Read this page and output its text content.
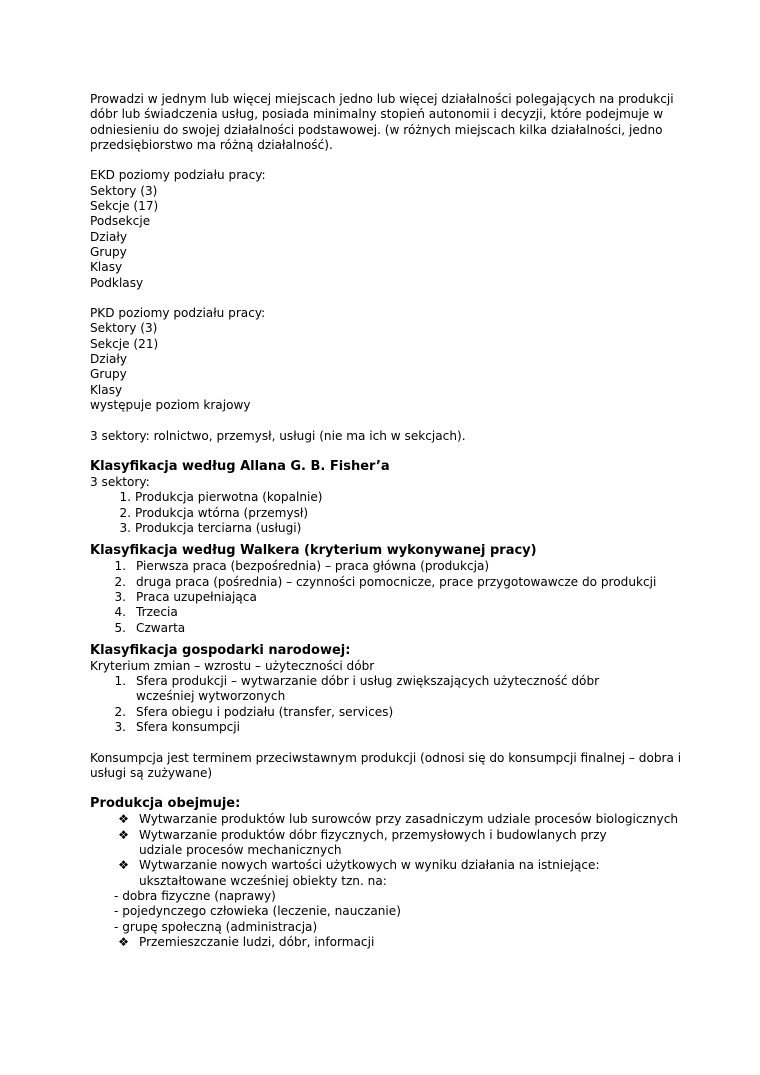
Prowadzi w jednym lub więcej miejscach jedno lub więcej działalności polegających na produkcji dóbr lub świadczenia usług, posiada minimalny stopień autonomii i decyzji, które podejmuje w odniesieniu do swojej działalności podstawowej. (w różnych miejscach kilka działalności, jedno przedsiębiorstwo ma różną działalność).

EKD poziomy podziału pracy:

Sektory (3)

Sekcje (17)

Podsekcje

Działy

Grupy

Klasy

Podklasy

PKD poziomy podziału pracy:

Sektory (3)

Sekcje (21)

Działy

Grupy

Klasy

występuje poziom krajowy

3 sektory: rolnictwo, przemysł, usługi (nie ma ich w sekcjach).

Klasyfikacja według Allana G. B. Fisher’a

3 sektory:

1. Produkcja pierwotna (kopalnie)
2. Produkcja wtórna (przemysł)
3. Produkcja terciarna (usługi)

Klasyfikacja według Walkera (kryterium wykonywanej pracy)

1. Pierwsza praca (bezpośrednia) – praca główna (produkcja)
2. druga praca (pośrednia) – czynności pomocnicze, prace przygotowawcze do produkcji
3. Praca uzupełniająca
4. Trzecia
5. Czwarta

Klasyfikacja gospodarki narodowej:

Kryterium zmian – wzrostu – użyteczności dóbr

1. Sfera produkcji – wytwarzanie dóbr i usług zwiększających użyteczność dóbr wcześniej wytworzonych
2. Sfera obiegu i podziału (transfer, services)
3. Sfera konsumpcji

Konsumpcja jest terminem przeciwstawnym produkcji (odnosi się do konsumpcji finalnej – dobra i usługi są zużywane)

Produkcja obejmuje:

❖ Wytwarzanie produktów lub surowców przy zasadniczym udziale procesów biologicznych
❖ Wytwarzanie produktów dóbr fizycznych, przemysłowych i budowlanych przy udziale procesów mechanicznych
❖ Wytwarzanie nowych wartości użytkowych w wyniku działania na istniejące: ukształtowane wcześniej obiekty tzn. na:

- dobra fizyczne (naprawy)

- pojedynczego człowieka (leczenie, nauczanie)

- grupę społeczną (administracja)

❖ Przemieszczanie ludzi, dóbr, informacji
